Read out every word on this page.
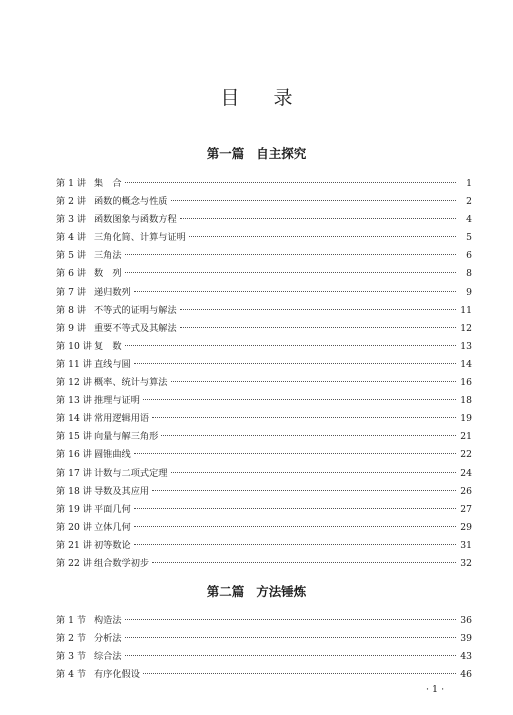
目 录
第一篇 自主探究
第 1 讲 集　合	1
第 2 讲 函数的概念与性质	2
第 3 讲 函数图象与函数方程	4
第 4 讲 三角化简、计算与证明	5
第 5 讲 三角法	6
第 6 讲 数　列	8
第 7 讲 递归数列	9
第 8 讲 不等式的证明与解法	11
第 9 讲 重要不等式及其解法	12
第 10 讲 复　数	13
第 11 讲 直线与圆	14
第 12 讲 概率、统计与算法	16
第 13 讲 推理与证明	18
第 14 讲 常用逻辑用语	19
第 15 讲 向量与解三角形	21
第 16 讲 圆锥曲线	22
第 17 讲 计数与二项式定理	24
第 18 讲 导数及其应用	26
第 19 讲 平面几何	27
第 20 讲 立体几何	29
第 21 讲 初等数论	31
第 22 讲 组合数学初步	32
第二篇 方法锤炼
第 1 节 构造法	36
第 2 节 分析法	39
第 3 节 综合法	43
第 4 节 有序化假设	46
· 1 ·
